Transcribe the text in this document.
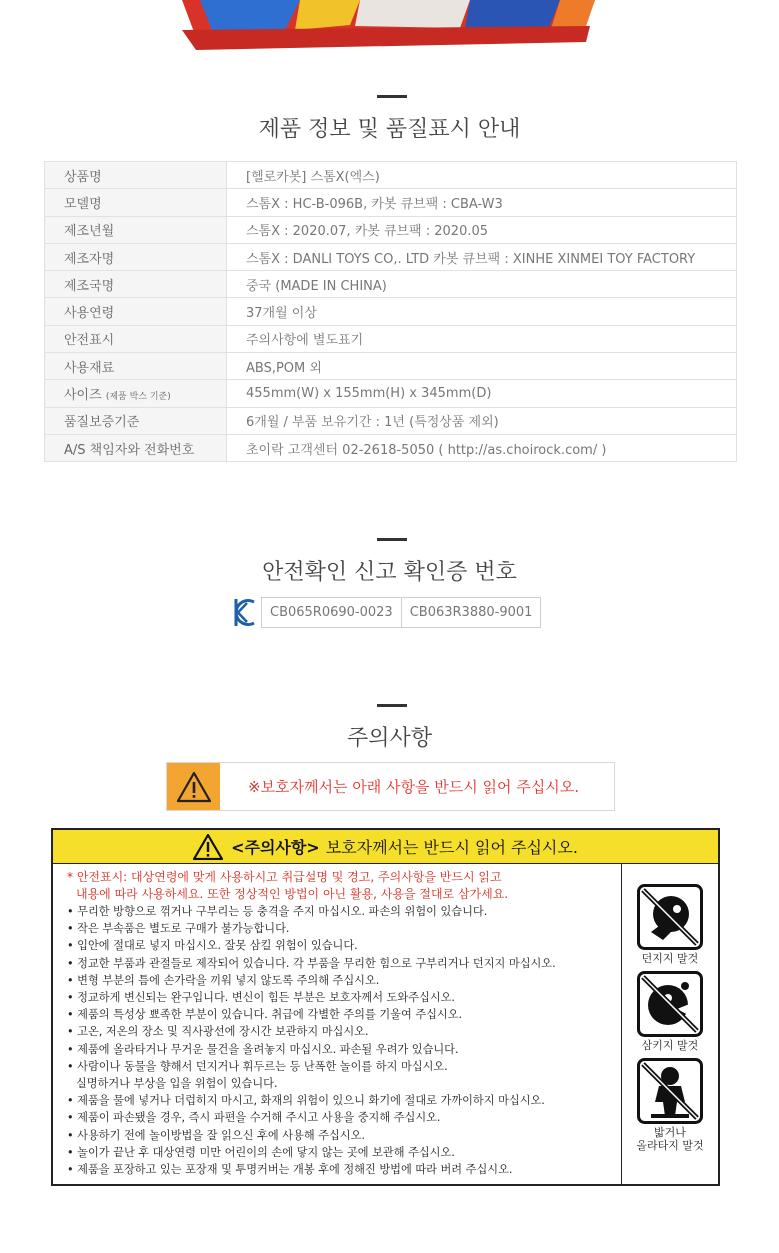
제품 정보 및 품질표시 안내
상품명	[헬로카봇] 스톰X(엑스)
모델명	스톰X : HC-B-096B, 카봇 큐브팩 : CBA-W3
제조년월	스톰X : 2020.07, 카봇 큐브팩 : 2020.05
제조자명	스톰X : DANLI TOYS CO,. LTD 카봇 큐브팩 : XINHE XINMEI TOY FACTORY
제조국명	중국 (MADE IN CHINA)
사용연령	37개월 이상
안전표시	주의사항에 별도표기
사용재료	ABS,POM 외
사이즈 (제품 박스 기준)	455mm(W) x 155mm(H) x 345mm(D)
품질보증기준	6개월 / 부품 보유기간 : 1년 (특정상품 제외)
A/S 책임자와 전화번호	초이락 고객센터 02-2618-5050 ( http://as.choirock.com/ )
안전확인 신고 확인증 번호
CB065R0690-0023	CB063R3880-9001
주의사항
※보호자께서는 아래 사항을 반드시 읽어 주십시오.
<주의사항> 보호자께서는 반드시 읽어 주십시오.
* 안전표시: 대상연령에 맞게 사용하시고 취급설명 및 경고, 주의사항을 반드시 읽고
내용에 따라 사용하세요. 또한 정상적인 방법이 아닌 활용, 사용을 절대로 삼가세요.
• 무리한 방향으로 꺾거나 구부리는 등 충격을 주지 마십시오. 파손의 위험이 있습니다.
• 작은 부속품은 별도로 구매가 불가능합니다.
• 입안에 절대로 넣지 마십시오. 잘못 삼킬 위험이 있습니다.
• 정교한 부품과 관절들로 제작되어 있습니다. 각 부품을 무리한 힘으로 구부리거나 던지지 마십시오.
• 변형 부분의 틈에 손가락을 끼워 넣지 않도록 주의해 주십시오.
• 정교하게 변신되는 완구입니다. 변신이 힘든 부분은 보호자께서 도와주십시오.
• 제품의 특성상 뾰족한 부분이 있습니다. 취급에 각별한 주의를 기울여 주십시오.
• 고온, 저온의 장소 및 직사광선에 장시간 보관하지 마십시오.
• 제품에 올라타거나 무거운 물건을 올려놓지 마십시오. 파손될 우려가 있습니다.
• 사람이나 동물을 향해서 던지거나 휘두르는 등 난폭한 놀이를 하지 마십시오.
실명하거나 부상을 입을 위험이 있습니다.
• 제품을 물에 넣거나 더럽히지 마시고, 화재의 위험이 있으니 화기에 절대로 가까이하지 마십시오.
• 제품이 파손됐을 경우, 즉시 파편을 수거해 주시고 사용을 중지해 주십시오.
• 사용하기 전에 놀이방법을 잘 읽으신 후에 사용해 주십시오.
• 놀이가 끝난 후 대상연령 미만 어린이의 손에 닿지 않는 곳에 보관해 주십시오.
• 제품을 포장하고 있는 포장재 및 투명커버는 개봉 후에 정해진 방법에 따라 버려 주십시오.
던지지 말것
삼키지 말것
밟거나
올라타지 말것
